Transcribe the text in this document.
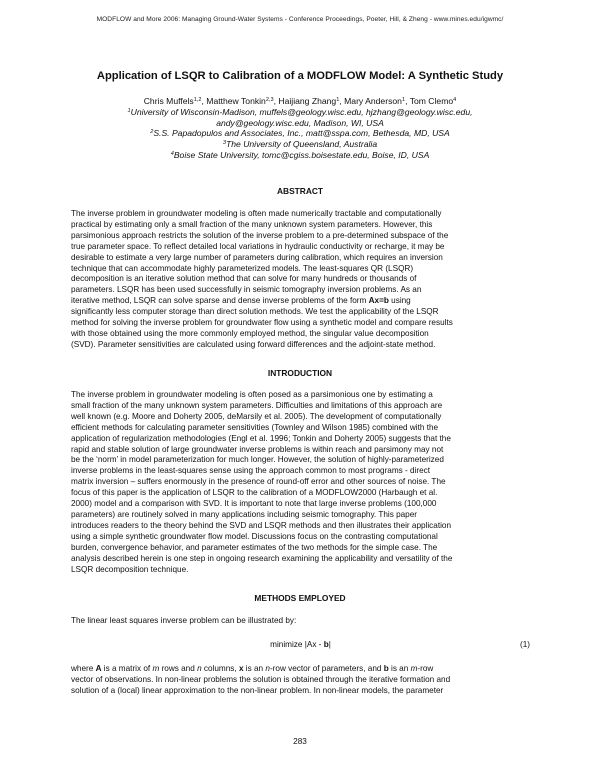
MODFLOW and More 2006: Managing Ground-Water Systems - Conference Proceedings, Poeter, Hill, & Zheng - www.mines.edu/igwmc/
Application of LSQR to Calibration of a MODFLOW Model: A Synthetic Study
Chris Muffels$^{1,2}$, Matthew Tonkin$^{2,3}$, Haijiang Zhang$^1$, Mary Anderson$^1$, Tom Clemo$^4$
$^1$University of Wisconsin-Madison, muffels@geology.wisc.edu, hjzhang@geology.wisc.edu,
andy@geology.wisc.edu, Madison, WI, USA
$^2$S.S. Papadopulos and Associates, Inc., matt@sspa.com, Bethesda, MD, USA
$^3$The University of Queensland, Australia
$^4$Boise State University, tomc@cgiss.boisestate.edu, Boise, ID, USA
ABSTRACT
The inverse problem in groundwater modeling is often made numerically tractable and computationally
practical by estimating only a small fraction of the many unknown system parameters. However, this
parsimonious approach restricts the solution of the inverse problem to a pre-determined subspace of the
true parameter space. To reflect detailed local variations in hydraulic conductivity or recharge, it may be
desirable to estimate a very large number of parameters during calibration, which requires an inversion
technique that can accommodate highly parameterized models. The least-squares QR (LSQR)
decomposition is an iterative solution method that can solve for many hundreds or thousands of
parameters. LSQR has been used successfully in seismic tomography inversion problems. As an
iterative method, LSQR can solve sparse and dense inverse problems of the form Ax=b using
significantly less computer storage than direct solution methods. We test the applicability of the LSQR
method for solving the inverse problem for groundwater flow using a synthetic model and compare results
with those obtained using the more commonly employed method, the singular value decomposition
(SVD). Parameter sensitivities are calculated using forward differences and the adjoint-state method.
INTRODUCTION
The inverse problem in groundwater modeling is often posed as a parsimonious one by estimating a
small fraction of the many unknown system parameters. Difficulties and limitations of this approach are
well known (e.g. Moore and Doherty 2005, deMarsily et al. 2005). The development of computationally
efficient methods for calculating parameter sensitivities (Townley and Wilson 1985) combined with the
application of regularization methodologies (Engl et al. 1996; Tonkin and Doherty 2005) suggests that the
rapid and stable solution of large groundwater inverse problems is within reach and parsimony may not
be the ‘norm’ in model parameterization for much longer. However, the solution of highly-parameterized
inverse problems in the least-squares sense using the approach common to most programs - direct
matrix inversion – suffers enormously in the presence of round-off error and other sources of noise. The
focus of this paper is the application of LSQR to the calibration of a MODFLOW2000 (Harbaugh et al.
2000) model and a comparison with SVD. It is important to note that large inverse problems (100,000
parameters) are routinely solved in many applications including seismic tomography. This paper
introduces readers to the theory behind the SVD and LSQR methods and then illustrates their application
using a simple synthetic groundwater flow model. Discussions focus on the contrasting computational
burden, convergence behavior, and parameter estimates of the two methods for the simple case. The
analysis described herein is one step in ongoing research examining the applicability and versatility of the
LSQR decomposition technique.
METHODS EMPLOYED
The linear least squares inverse problem can be illustrated by:
minimize |Ax - b|	(1)
where A is a matrix of m rows and n columns, x is an n-row vector of parameters, and b is an m-row
vector of observations. In non-linear problems the solution is obtained through the iterative formation and
solution of a (local) linear approximation to the non-linear problem. In non-linear models, the parameter
283
